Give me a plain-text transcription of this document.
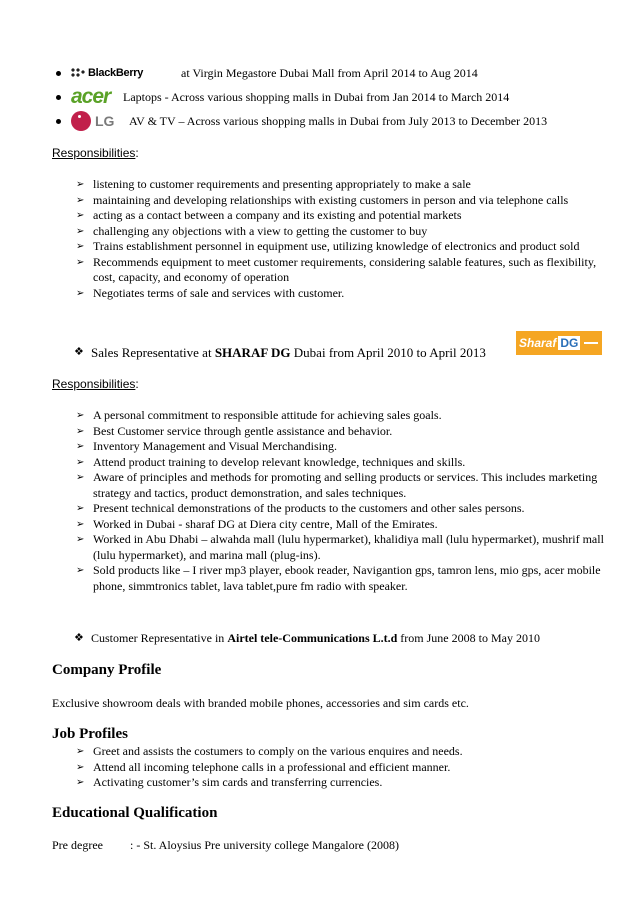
BlackBerry	at Virgin Megastore Dubai Mall from April 2014 to Aug 2014
acer	Laptops - Across various shopping malls in Dubai from Jan 2014 to March 2014
LG AV & TV – Across various shopping malls in Dubai from July 2013 to December 2013
Responsibilities:
➢ listening to customer requirements and presenting appropriately to make a sale
➢ maintaining and developing relationships with existing customers in person and via telephone calls
➢ acting as a contact between a company and its existing and potential markets
➢ challenging any objections with a view to getting the customer to buy
➢ Trains establishment personnel in equipment use, utilizing knowledge of electronics and product sold
➢ Recommends equipment to meet customer requirements, considering salable features, such as flexibility, cost, capacity, and economy of operation
➢ Negotiates terms of sale and services with customer.
❖ Sales Representative at SHARAF DG Dubai from April 2010 to April 2013
Sharaf DG
Responsibilities:
➢ A personal commitment to responsible attitude for achieving sales goals.
➢ Best Customer service through gentle assistance and behavior.
➢ Inventory Management and Visual Merchandising.
➢ Attend product training to develop relevant knowledge, techniques and skills.
➢ Aware of principles and methods for promoting and selling products or services. This includes marketing strategy and tactics, product demonstration, and sales techniques.
➢ Present technical demonstrations of the products to the customers and other sales persons.
➢ Worked in Dubai - sharaf DG at Diera city centre, Mall of the Emirates.
➢ Worked in Abu Dhabi – alwahda mall (lulu hypermarket), khalidiya mall (lulu hypermarket), mushrif mall (lulu hypermarket), and marina mall (plug-ins).
➢ Sold products like – I river mp3 player, ebook reader, Navigantion gps, tamron lens, mio gps, acer mobile phone, simmtronics tablet, lava tablet,pure fm radio with speaker.
❖ Customer Representative in Airtel tele-Communications L.t.d from June 2008 to May 2010
Company Profile
Exclusive showroom deals with branded mobile phones, accessories and sim cards etc.
Job Profiles
➢ Greet and assists the costumers to comply on the various enquires and needs.
➢ Attend all incoming telephone calls in a professional and efficient manner.
➢ Activating customer’s sim cards and transferring currencies.
Educational Qualification
Pre degree : - St. Aloysius Pre university college Mangalore (2008)
